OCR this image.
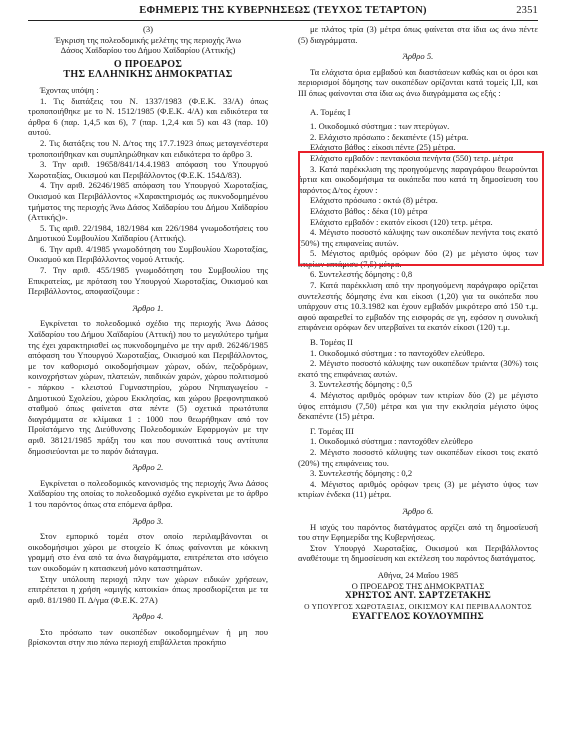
ΕΦΗΜΕΡΙΣ ΤΗΣ ΚΥΒΕΡΝΗΣΕΩΣ (ΤΕΥΧΟΣ ΤΕΤΑΡΤΟΝ)	2351

(3)

Έγκριση της πολεοδομικής μελέτης της περιοχής Άνω

Δάσος Χαϊδαρίου του Δήμου Χαϊδαρίου (Αττικής)

Ο ΠΡΟΕΔΡΟΣ

ΤΗΣ ΕΛΛΗΝΙΚΗΣ ΔΗΜΟΚΡΑΤΙΑΣ

Έχοντας υπόψη :

1. Τις διατάξεις του Ν. 1337/1983 (Φ.Ε.Κ. 33/Α) όπως τροποποιήθηκε με το Ν. 1512/1985 (Φ.Ε.Κ. 4/Α) και ειδικότερα τα άρθρα 6 (παρ. 1,4,5 και 6), 7 (παρ. 1,2,4 και 5) και 43 (παρ. 10) αυτού.

2. Τις διατάξεις του Ν. Δ/τος της 17.7.1923 όπως μεταγενέστερα τροποποιήθηκαν και συμπληρώθηκαν και ειδικότερα το άρθρο 3.

3. Την αριθ. 19658/841/14.4.1983 απόφαση του Υπουργού Χωροταξίας, Οικισμού και Περιβάλλοντος (Φ.Ε.Κ. 154Δ/83).

4. Την αριθ. 26246/1985 απόφαση του Υπουργού Χωροταξίας, Οικισμού και Περιβάλλοντος «Χαρακτηρισμός ως πυκνοδομημένου τμήματος της περιοχής Άνω Δάσος Χαϊδαρίου του Δήμου Χαϊδαρίου (Αττικής)».

5. Τις αριθ. 22/1984, 182/1984 και 226/1984 γνωμοδοτήσεις του Δημοτικού Συμβουλίου Χαϊδαρίου (Αττικής).

6. Την αριθ. 4/1985 γνωμοδότηση του Συμβουλίου Χωροταξίας, Οικισμού και Περιβάλλοντος νομού Αττικής.

7. Την αριθ. 455/1985 γνωμοδότηση του Συμβουλίου της Επικρατείας, με πρόταση του Υπουργού Χωροταξίας, Οικισμού και Περιβάλλοντος, αποφασίζουμε :

Άρθρο 1.

Εγκρίνεται το πολεοδομικό σχέδιο της περιοχής Άνω Δάσος Χαϊδαρίου του Δήμου Χαϊδαρίου (Αττική) που το μεγαλύτερο τμήμα της έχει χαρακτηρισθεί ως πυκνοδομημένο με την αριθ. 26246/1985 απόφαση του Υπουργού Χωροταξίας, Οικισμού και Περιβάλλοντος, με τον καθορισμό οικοδομήσιμων χώρων, οδών, πεζοδρόμων, κοινοχρήστων χώρων, πλατειών, παιδικών χαρών, χώρου πολιτισμού - πάρκου - κλειστού Γυμναστηρίου, χώρου Νηπιαγωγείου - Δημοτικού Σχολείου, χώρου Εκκλησίας, και χώρου βρεφονηπιακού σταθμού όπως φαίνεται στα πέντε (5) σχετικά πρωτότυπα διαγράμματα σε κλίμακα 1 : 1000 που θεωρήθηκαν από τον Προϊστάμενο της Διεύθυνσης Πολεοδομικών Εφαρμογών με την αριθ. 38121/1985 πράξη του και που συνοπτικά τους αντίτυπα δημοσιεύονται με το παρόν διάταγμα.

Άρθρο 2.

Εγκρίνεται ο πολεοδομικός κανονισμός της περιοχής Άνω Δάσος Χαϊδαρίου της οποίας το πολεοδομικό σχέδιο εγκρίνεται με το άρθρο 1 του παρόντος όπως στα επόμενα άρθρα.

Άρθρο 3.

Στον εμπορικό τομέα στον οποίο περιλαμβάνονται οι οικοδομήσιμοι χώροι με στοιχείο Κ όπως φαίνονται με κόκκινη γραμμή στο ένα από τα άνω διαγράμματα, επιτρέπεται στο ισόγειο των οικοδομών η κατασκευή μόνο καταστημάτων.

Στην υπόλοιπη περιοχή πλην των χώρων ειδικών χρήσεων, επιτρέπεται η χρήση «αμιγής κατοικία» όπως προσδιορίζεται με τα αριθ. 81/1980 Π. Δ/γμα (Φ.Ε.Κ. 27Α)

Άρθρο 4.

Στο πρόσωπο των οικοπέδων οικοδομημένων ή μη που βρίσκονται στην πιο πάνω περιοχή επιβάλλεται προκήπιο

με πλάτος τρία (3) μέτρα όπως φαίνεται στα ίδια ως άνω πέντε (5) διαγράμματα.

Άρθρο 5.

Τα ελάχιστα όρια εμβαδού και διαστάσεων καθώς και οι όροι και περιορισμοί δόμησης των οικοπέδων ορίζονται κατά τομείς Ι,ΙΙ, και ΙΙΙ όπως φαίνονται στα ίδια ως άνω διαγράμματα ως εξής :

Α. Τομέας Ι

1. Οικοδομικό σύστημα : των πτερύγων.

2. Ελάχιστο πρόσωπο : δεκαπέντε (15) μέτρα.

Ελάχιστο βάθος : είκοσι πέντε (25) μέτρα.

Ελάχιστο εμβαδόν : πεντακόσια πενήντα (550) τετρ. μέτρα

3. Κατά παρέκκλιση της προηγούμενης παραγράφου θεωρούνται άρτια και οικοδομήσιμα τα οικόπεδα που κατά τη δημοσίευση του παρόντος Δ/τος έχουν :

Ελάχιστο πρόσωπο : οκτώ (8) μέτρα.

Ελάχιστο βάθος : δέκα (10) μέτρα

Ελάχιστο εμβαδόν : εκατόν είκοσι (120) τετρ. μέτρα.

4. Μέγιστο ποσοστό κάλυψης των οικοπέδων πενήντα τοις εκατό (50%) της επιφανείας αυτών.

5. Μέγιστος αριθμός ορόφων δύο (2) με μέγιστο ύψος των κτιρίων επτάμισυ (7,5) μέτρα.

6. Συντελεστής δόμησης : 0,8

7. Κατά παρέκκλιση από την προηγούμενη παράγραφο ορίζεται συντελεστής δόμησης ένα και είκοσι (1,20) για τα οικόπεδα που υπάρχουν στις 10.3.1982 και έχουν εμβαδόν μικρότερο από 150 τ.μ. αφού αφαιρεθεί το εμβαδόν της εισφοράς σε γη, εφόσον η συνολική επιφάνεια ορόφων δεν υπερβαίνει τα εκατόν είκοσι (120) τ.μ.

Β. Τομέας ΙΙ

1. Οικοδομικό σύστημα : το παντοχόθεν ελεύθερο.

2. Μέγιστο ποσοστό κάλυψης των οικοπέδων τριάντα (30%) τοις εκατό της επιφάνειας αυτών.

3. Συντελεστής δόμησης : 0,5

4. Μέγιστος αριθμός ορόφων των κτιρίων δύο (2) με μέγιστο ύψος επτάμισυ (7,50) μέτρα και για την εκκλησία μέγιστο ύψος δεκαπέντε (15) μέτρα.

Γ. Τομέας ΙΙΙ

1. Οικοδομικό σύστημα : παντοχόθεν ελεύθερο

2. Μέγιστο ποσοστό κάλυψης των οικοπέδων είκοσι τοις εκατό (20%) της επιφάνειας του.

3. Συντελεστής δόμησης : 0,2

4. Μέγιστος αριθμός ορόφων τρεις (3) με μέγιστο ύψος των κτιρίων ένδεκα (11) μέτρα.

Άρθρο 6.

Η ισχύς του παρόντος διατάγματος αρχίζει από τη δημοσίευσή του στην Εφημερίδα της Κυβερνήσεως.

Στον Υπουργό Χωροταξίας, Οικισμού και Περιβάλλοντος αναθέτουμε τη δημοσίευση και εκτέλεση του παρόντος διατάγματος.

Αθήνα, 24 Μαΐου 1985

Ο ΠΡΟΕΔΡΟΣ ΤΗΣ ΔΗΜΟΚΡΑΤΙΑΣ

ΧΡΗΣΤΟΣ ΑΝΤ. ΣΑΡΤΖΕΤΑΚΗΣ

Ο ΥΠΟΥΡΓΟΣ ΧΩΡΟΤΑΞΙΑΣ, ΟΙΚΙΣΜΟΥ ΚΑΙ ΠΕΡΙΒΑΛΛΟΝΤΟΣ

ΕΥΑΓΓΕΛΟΣ ΚΟΥΛΟΥΜΠΗΣ
